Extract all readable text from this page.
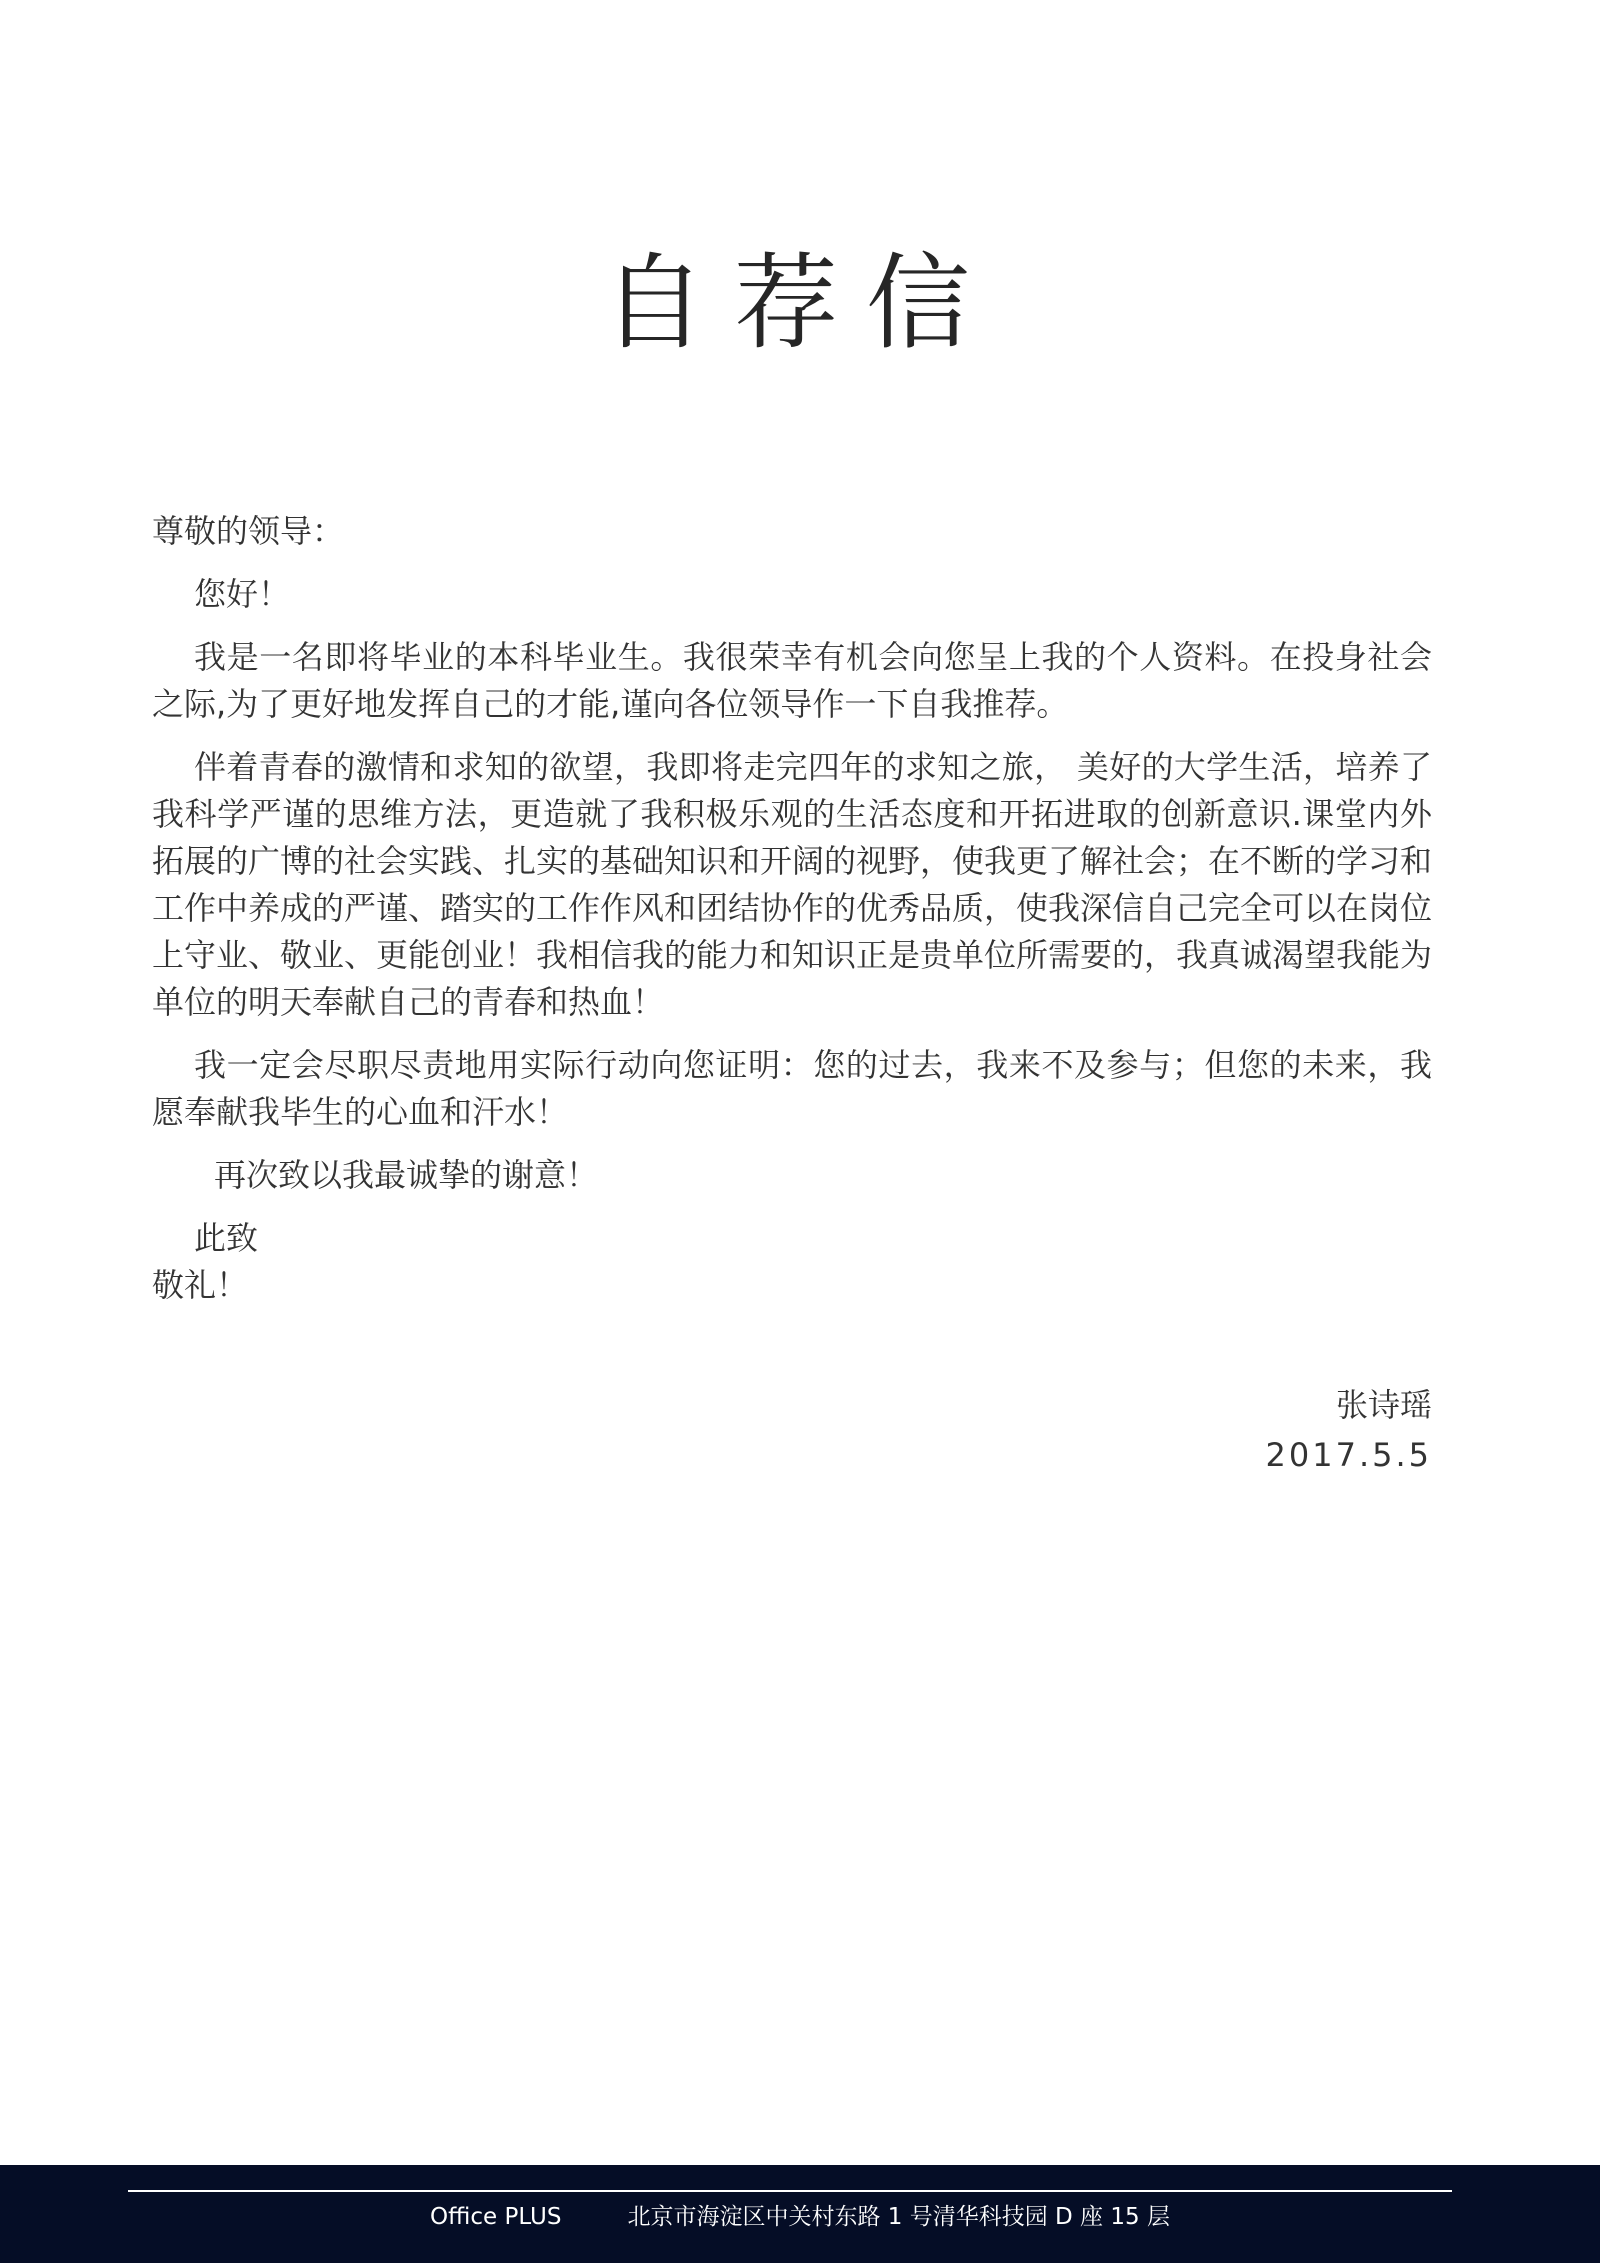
自荐信

尊敬的领导：

您好！

我是一名即将毕业的本科毕业生。我很荣幸有机会向您呈上我的个人资料。在投身社会之际,为了更好地发挥自己的才能,谨向各位领导作一下自我推荐。

伴着青春的激情和求知的欲望，我即将走完四年的求知之旅， 美好的大学生活，培养了我科学严谨的思维方法，更造就了我积极乐观的生活态度和开拓进取的创新意识.课堂内外拓展的广博的社会实践、扎实的基础知识和开阔的视野，使我更了解社会；在不断的学习和工作中养成的严谨、踏实的工作作风和团结协作的优秀品质，使我深信自己完全可以在岗位上守业、敬业、更能创业！我相信我的能力和知识正是贵单位所需要的，我真诚渴望我能为单位的明天奉献自己的青春和热血！

我一定会尽职尽责地用实际行动向您证明：您的过去，我来不及参与；但您的未来，我愿奉献我毕生的心血和汗水！

再次致以我最诚挚的谢意！

此致

敬礼！

张诗瑶
2017.5.5
Office PLUS	北京市海淀区中关村东路 1 号清华科技园 D 座 15 层
